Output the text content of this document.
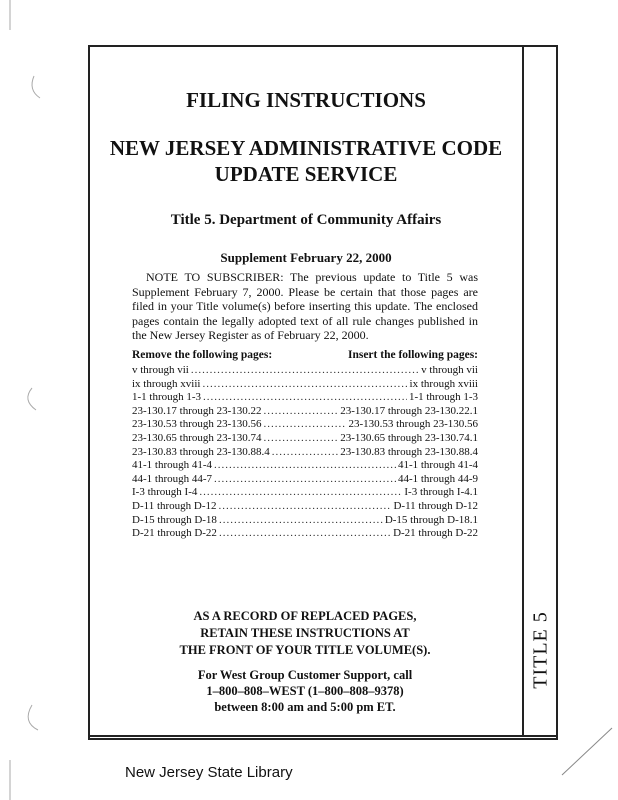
FILING INSTRUCTIONS
NEW JERSEY ADMINISTRATIVE CODE
UPDATE SERVICE
Title 5. Department of Community Affairs
Supplement February 22, 2000
NOTE TO SUBSCRIBER: The previous update to Title 5 was Supplement February 7, 2000. Please be certain that those pages are filed in your Title volume(s) before inserting this update. The enclosed pages contain the legally adopted text of all rule changes published in the New Jersey Register as of February 22, 2000.
Remove the following pages:	Insert the following pages:
v through vii .....	v through vii
ix through xviii .....	ix through xviii
1-1 through 1-3 .....	1-1 through 1-3
23-130.17 through 23-130.22 .....	23-130.17 through 23-130.22.1
23-130.53 through 23-130.56 .....	23-130.53 through 23-130.56
23-130.65 through 23-130.74 .....	23-130.65 through 23-130.74.1
23-130.83 through 23-130.88.4 .....	23-130.83 through 23-130.88.4
41-1 through 41-4 .....	41-1 through 41-4
44-1 through 44-7 .....	44-1 through 44-9
I-3 through I-4 .....	I-3 through I-4.1
D-11 through D-12 .....	D-11 through D-12
D-15 through D-18 .....	D-15 through D-18.1
D-21 through D-22 .....	D-21 through D-22
AS A RECORD OF REPLACED PAGES,
RETAIN THESE INSTRUCTIONS AT
THE FRONT OF YOUR TITLE VOLUME(S).
For West Group Customer Support, call
1–800–808–WEST (1–800–808–9378)
between 8:00 am and 5:00 pm ET.
TITLE 5
New Jersey State Library
